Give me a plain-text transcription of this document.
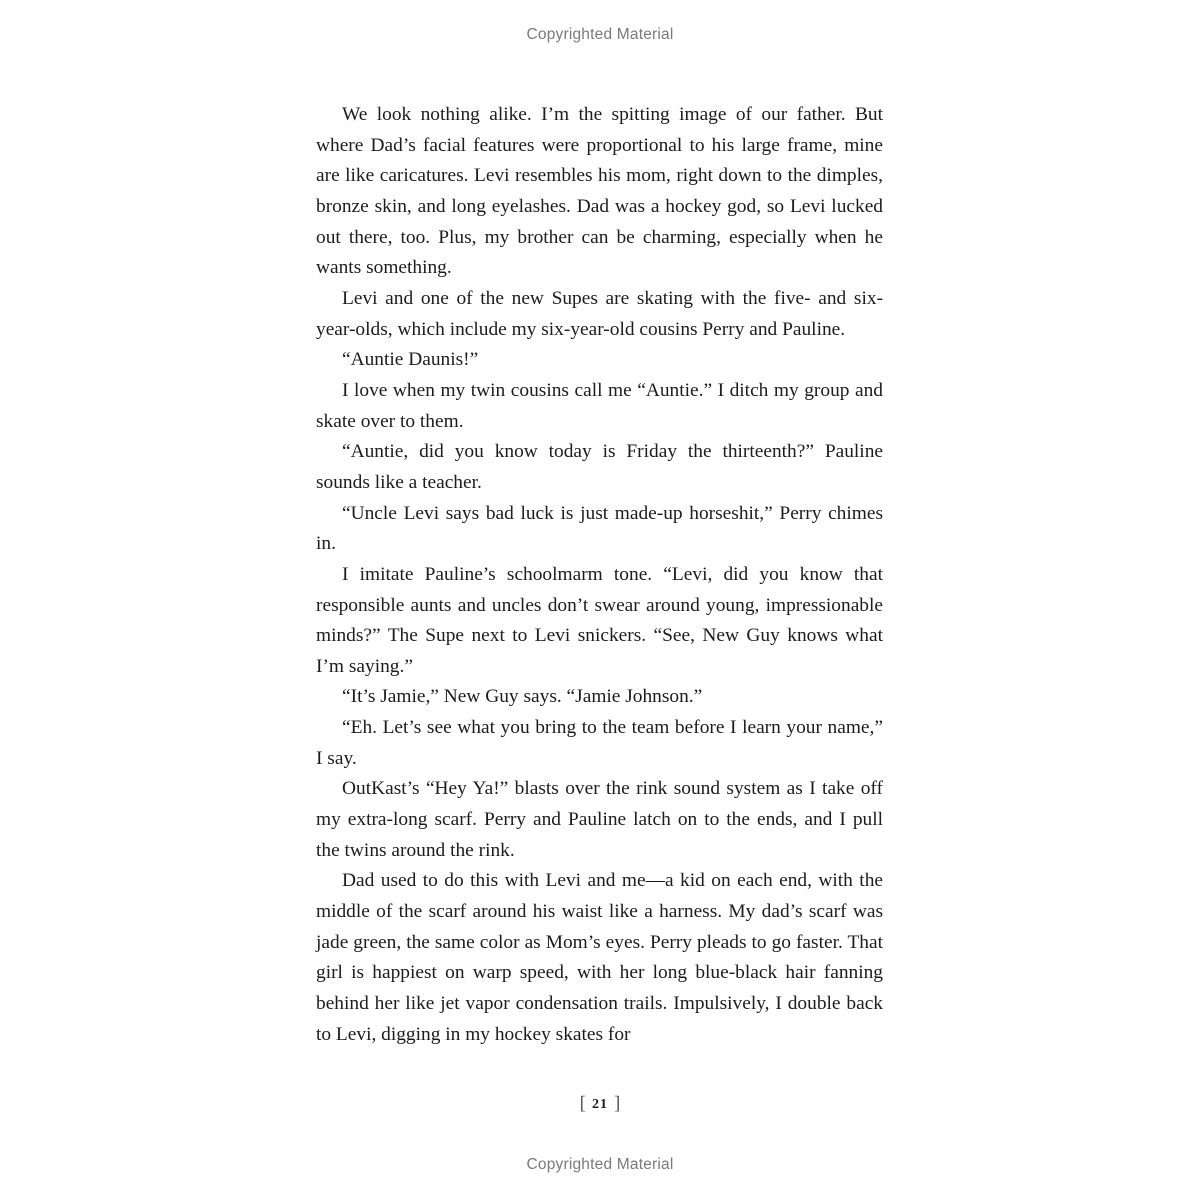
Copyrighted Material

We look nothing alike. I’m the spitting image of our father. But where Dad’s facial features were proportional to his large frame, mine are like caricatures. Levi resembles his mom, right down to the dimples, bronze skin, and long eyelashes. Dad was a hockey god, so Levi lucked out there, too. Plus, my brother can be charming, especially when he wants something.

Levi and one of the new Supes are skating with the five- and six-year-olds, which include my six-year-old cousins Perry and Pauline.

“Auntie Daunis!”

I love when my twin cousins call me “Auntie.” I ditch my group and skate over to them.

“Auntie, did you know today is Friday the thirteenth?” Pauline sounds like a teacher.

“Uncle Levi says bad luck is just made-up horseshit,” Perry chimes in.

I imitate Pauline’s schoolmarm tone. “Levi, did you know that responsible aunts and uncles don’t swear around young, impressionable minds?” The Supe next to Levi snickers. “See, New Guy knows what I’m saying.”

“It’s Jamie,” New Guy says. “Jamie Johnson.”

“Eh. Let’s see what you bring to the team before I learn your name,” I say.

OutKast’s “Hey Ya!” blasts over the rink sound system as I take off my extra-long scarf. Perry and Pauline latch on to the ends, and I pull the twins around the rink.

Dad used to do this with Levi and me—a kid on each end, with the middle of the scarf around his waist like a harness. My dad’s scarf was jade green, the same color as Mom’s eyes. Perry pleads to go faster. That girl is happiest on warp speed, with her long blue-black hair fanning behind her like jet vapor condensation trails. Impulsively, I double back to Levi, digging in my hockey skates for

[ 21 ]
Copyrighted Material
